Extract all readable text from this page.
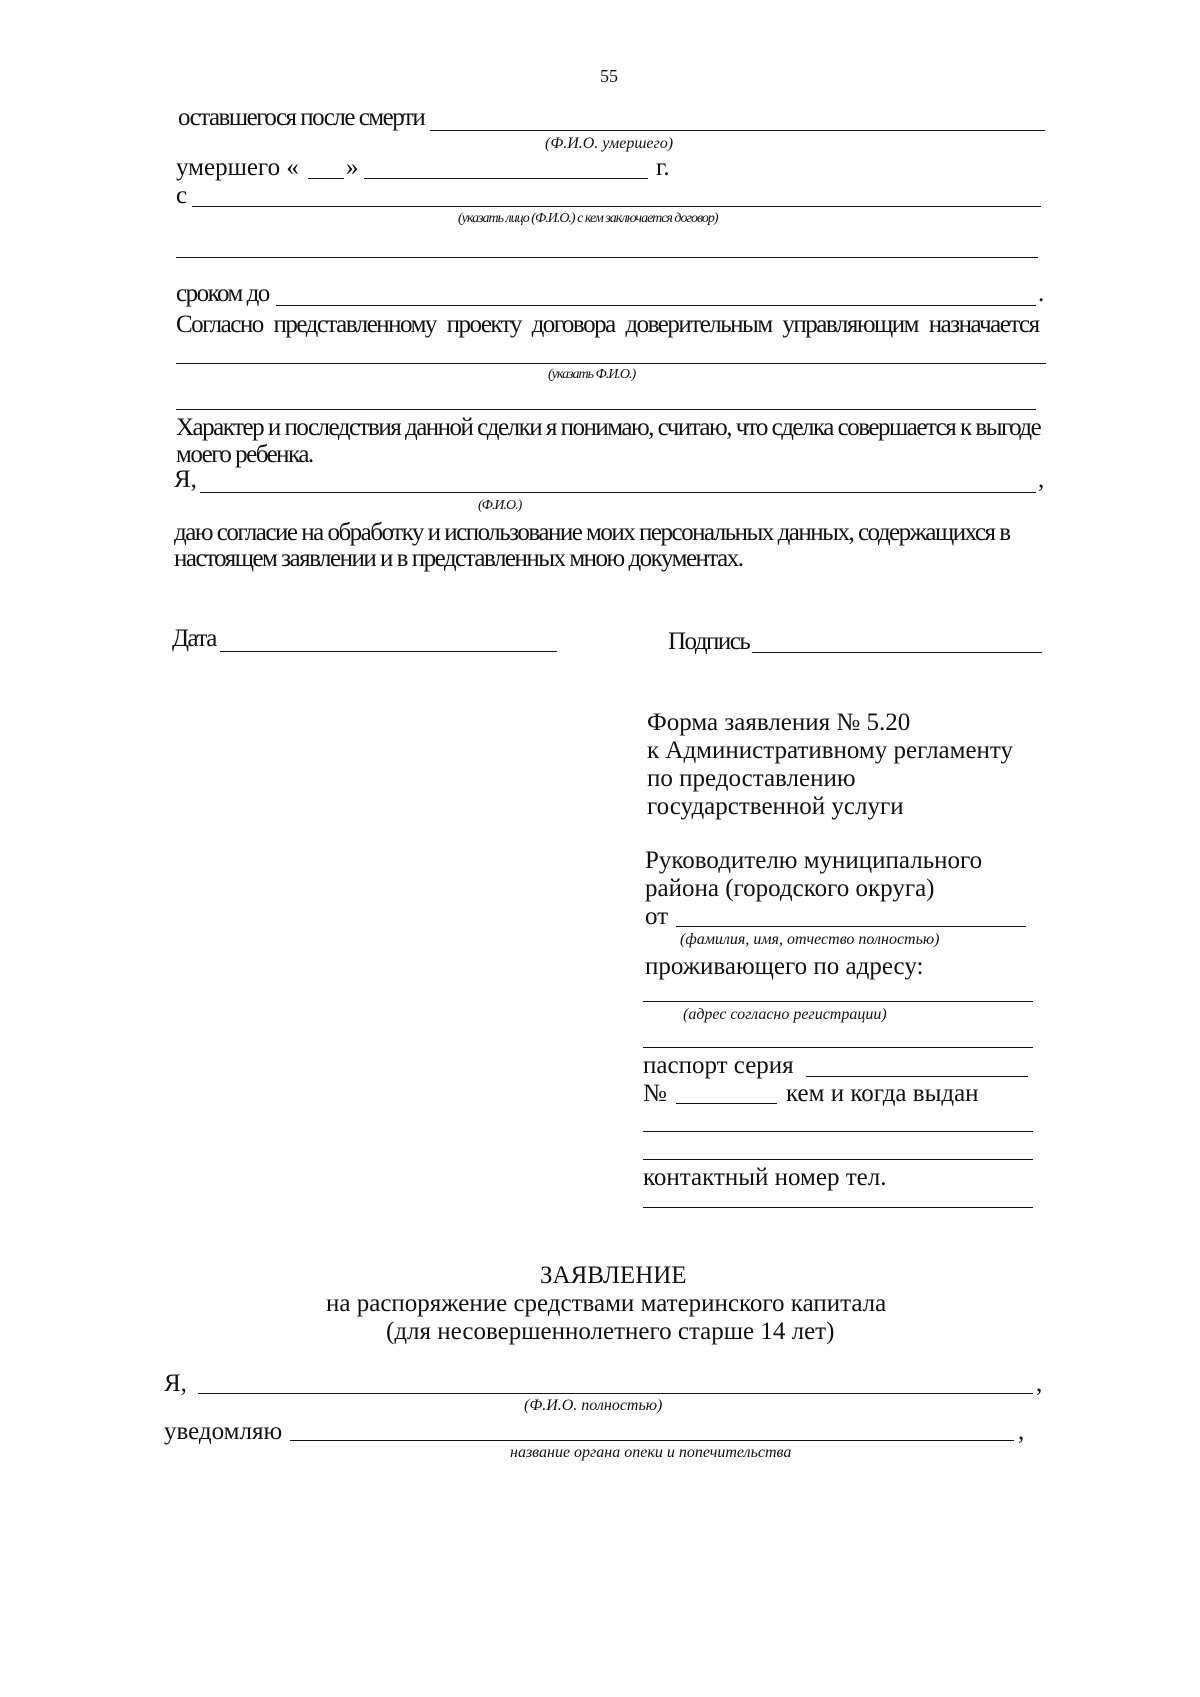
55
оставшегося после смерти
(Ф.И.О. умершего)
умершего « »	г.
с
(указать лицо (Ф.И.О.) с кем заключается договор)
сроком до	.
Согласно представленному проекту договора доверительным управляющим назначается
(указать Ф.И.О.)
Характер и последствия данной сделки я понимаю, считаю, что сделка совершается к выгоде
моего ребенка.
Я,	,
(Ф.И.О.)
даю согласие на обработку и использование моих персональных данных, содержащихся в
настоящем заявлении и в представленных мною документах.
Дата	Подпись
Форма заявления № 5.20
к Административному регламенту
по предоставлению
государственной услуги
Руководителю муниципального
района (городского округа)
от
(фамилия, имя, отчество полностью)
проживающего по адресу:
(адрес согласно регистрации)
паспорт серия
№	кем и когда выдан
контактный номер тел.
ЗАЯВЛЕНИЕ
на распоряжение средствами материнского капитала
(для несовершеннолетнего старше 14 лет)
Я,	,
(Ф.И.О. полностью)
уведомляю	,
название органа опеки и попечительства
